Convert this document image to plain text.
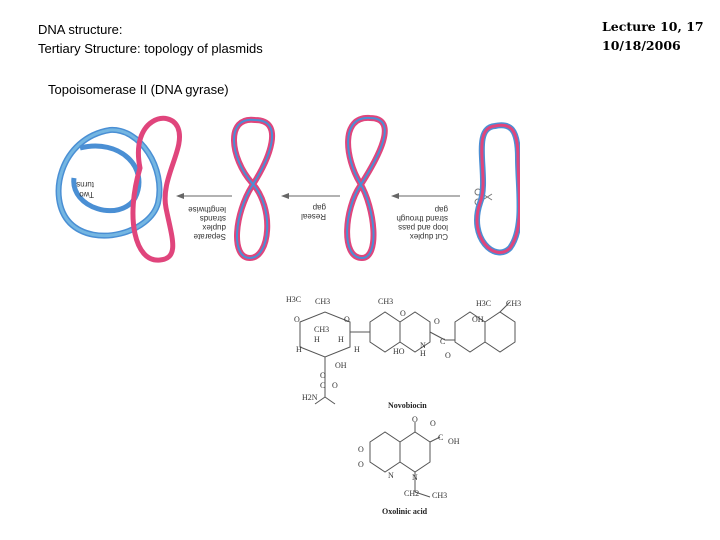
DNA structure:
Tertiary Structure: topology of plasmids
Lecture 10, 17
10/18/2006
Topoisomerase II (DNA gyrase)
Two
turns
Separate
duplex
strands
lengthwise
Reseal
gap
Cut duplex
loop and pass
strand through
gap
H3C CH3
O
CH3
O
H H
H	H
OH
O
C O
H2N
CH3
O
O
HO
N
H
C
O
OH
H3C CH3
Novobiocin
O
O
O
C OH
O
N N
CH2 CH3
Oxolinic acid
